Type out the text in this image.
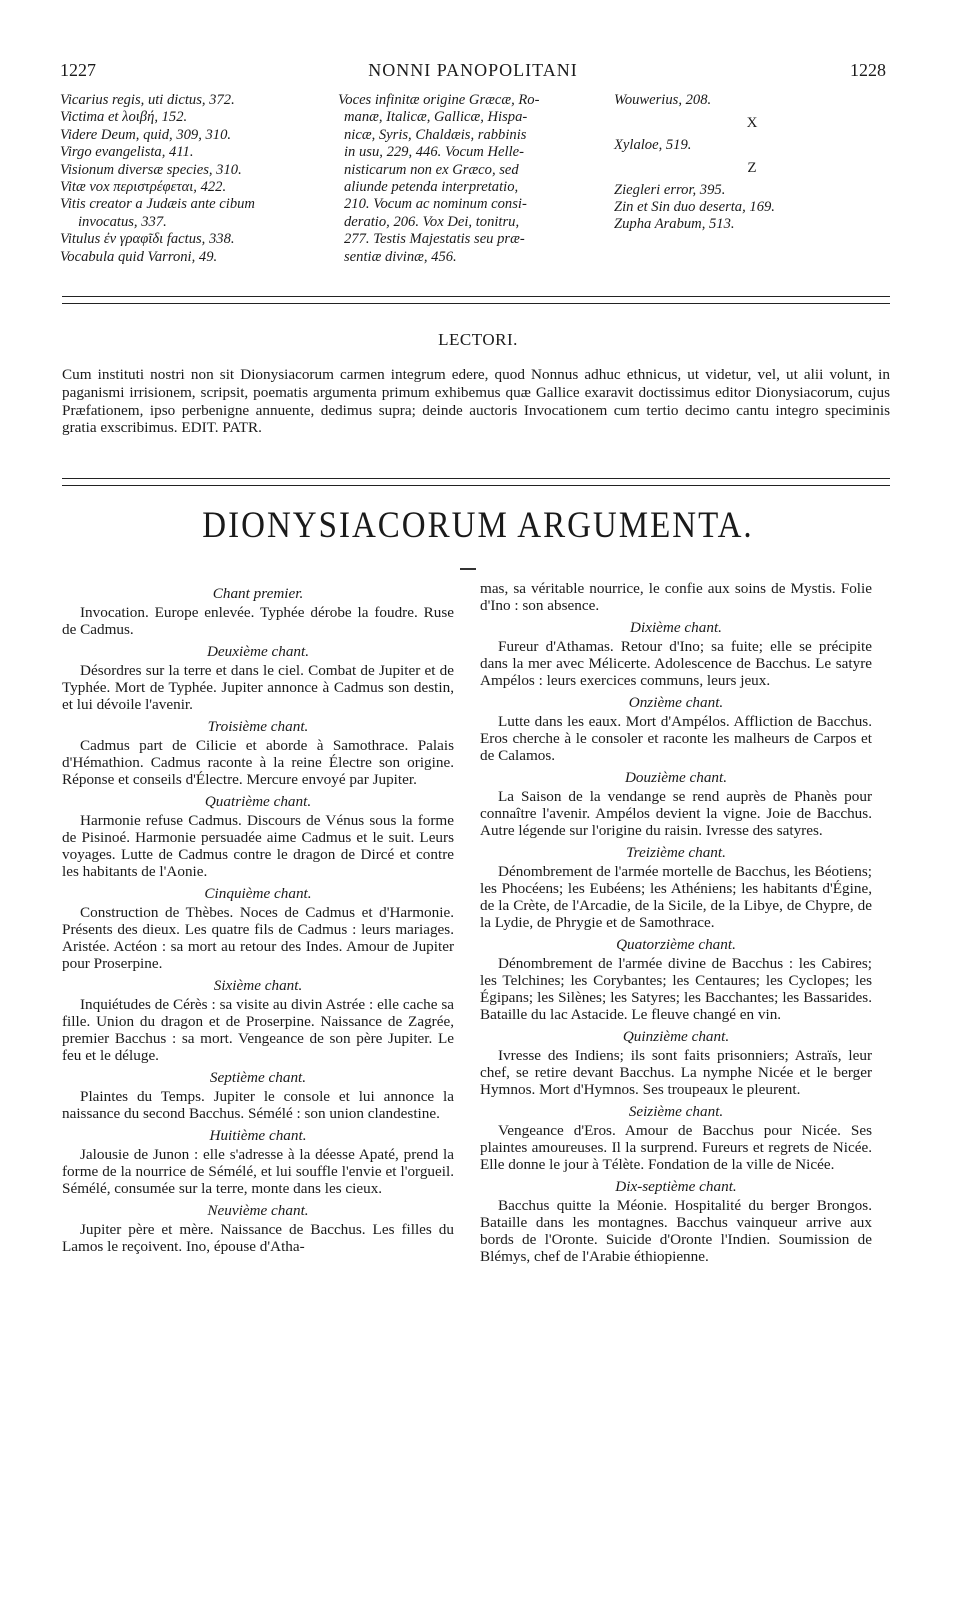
1227	NONNI PANOPOLITANI	1228
Vicarius regis, uti dictus, 372.
Victima et λοιβή, 152.
Videre Deum, quid, 309, 310.
Virgo evangelista, 411.
Visionum diversæ species, 310.
Vitæ vox περιστρέφεται, 422.
Vitis creator a Judæis ante cibum
invocatus, 337.
Vitulus ἐν γραφῖδι factus, 338.
Vocabula quid Varroni, 49.
Voces infinitæ origine Græcæ, Ro-
manæ, Italicæ, Gallicæ, Hispa-
nicæ, Syris, Chaldæis, rabbinis
in usu, 229, 446. Vocum Helle-
nisticarum non ex Græco, sed
aliunde petenda interpretatio,
210. Vocum ac nominum consi-
deratio, 206. Vox Dei, tonitru,
277. Testis Majestatis seu præ-
sentiæ divinæ, 456.
Wouwerius, 208.
X
Xylaloe, 519.
Z
Ziegleri error, 395.
Zin et Sin duo deserta, 169.
Zupha Arabum, 513.
LECTORI.
Cum instituti nostri non sit Dionysiacorum carmen integrum edere, quod Nonnus adhuc ethnicus, ut videtur, vel, ut alii volunt, in paganismi irrisionem, scripsit, poematis argumenta primum exhibemus quæ Gallice exaravit doctissimus editor Dionysiacorum, cujus Præfationem, ipso perbenigne annuente, dedimus supra; deinde auctoris Invocationem cum tertio decimo cantu integro speciminis gratia exscribimus. EDIT. PATR.
DIONYSIACORUM ARGUMENTA.
Chant premier.
Invocation. Europe enlevée. Typhée dérobe la foudre. Ruse de Cadmus.
Deuxième chant.
Désordres sur la terre et dans le ciel. Combat de Jupiter et de Typhée. Mort de Typhée. Jupiter annonce à Cadmus son destin, et lui dévoile l'avenir.
Troisième chant.
Cadmus part de Cilicie et aborde à Samothrace. Palais d'Hémathion. Cadmus raconte à la reine Électre son origine. Réponse et conseils d'Électre. Mercure envoyé par Jupiter.
Quatrième chant.
Harmonie refuse Cadmus. Discours de Vénus sous la forme de Pisinoé. Harmonie persuadée aime Cadmus et le suit. Leurs voyages. Lutte de Cadmus contre le dragon de Dircé et contre les habitants de l'Aonie.
Cinquième chant.
Construction de Thèbes. Noces de Cadmus et d'Harmonie. Présents des dieux. Les quatre fils de Cadmus : leurs mariages. Aristée. Actéon : sa mort au retour des Indes. Amour de Jupiter pour Proserpine.
Sixième chant.
Inquiétudes de Cérès : sa visite au divin Astrée : elle cache sa fille. Union du dragon et de Proserpine. Naissance de Zagrée, premier Bacchus : sa mort. Vengeance de son père Jupiter. Le feu et le déluge.
Septième chant.
Plaintes du Temps. Jupiter le console et lui annonce la naissance du second Bacchus. Sémélé : son union clandestine.
Huitième chant.
Jalousie de Junon : elle s'adresse à la déesse Apaté, prend la forme de la nourrice de Sémélé, et lui souffle l'envie et l'orgueil. Sémélé, consumée sur la terre, monte dans les cieux.
Neuvième chant.
Jupiter père et mère. Naissance de Bacchus. Les filles du Lamos le reçoivent. Ino, épouse d'Atha-
mas, sa véritable nourrice, le confie aux soins de Mystis. Folie d'Ino : son absence.
Dixième chant.
Fureur d'Athamas. Retour d'Ino; sa fuite; elle se précipite dans la mer avec Mélicerte. Adolescence de Bacchus. Le satyre Ampélos : leurs exercices communs, leurs jeux.
Onzième chant.
Lutte dans les eaux. Mort d'Ampélos. Affliction de Bacchus. Eros cherche à le consoler et raconte les malheurs de Carpos et de Calamos.
Douzième chant.
La Saison de la vendange se rend auprès de Phanès pour connaître l'avenir. Ampélos devient la vigne. Joie de Bacchus. Autre légende sur l'origine du raisin. Ivresse des satyres.
Treizième chant.
Dénombrement de l'armée mortelle de Bacchus, les Béotiens; les Phocéens; les Eubéens; les Athéniens; les habitants d'Égine, de la Crète, de l'Arcadie, de la Sicile, de la Libye, de Chypre, de la Lydie, de Phrygie et de Samothrace.
Quatorzième chant.
Dénombrement de l'armée divine de Bacchus : les Cabires; les Telchines; les Corybantes; les Centaures; les Cyclopes; les Égipans; les Silènes; les Satyres; les Bacchantes; les Bassarides. Bataille du lac Astacide. Le fleuve changé en vin.
Quinzième chant.
Ivresse des Indiens; ils sont faits prisonniers; Astraïs, leur chef, se retire devant Bacchus. La nymphe Nicée et le berger Hymnos. Mort d'Hymnos. Ses troupeaux le pleurent.
Seizième chant.
Vengeance d'Eros. Amour de Bacchus pour Nicée. Ses plaintes amoureuses. Il la surprend. Fureurs et regrets de Nicée. Elle donne le jour à Télète. Fondation de la ville de Nicée.
Dix-septième chant.
Bacchus quitte la Méonie. Hospitalité du berger Brongos. Bataille dans les montagnes. Bacchus vainqueur arrive aux bords de l'Oronte. Suicide d'Oronte l'Indien. Soumission de Blémys, chef de l'Arabie éthiopienne.
